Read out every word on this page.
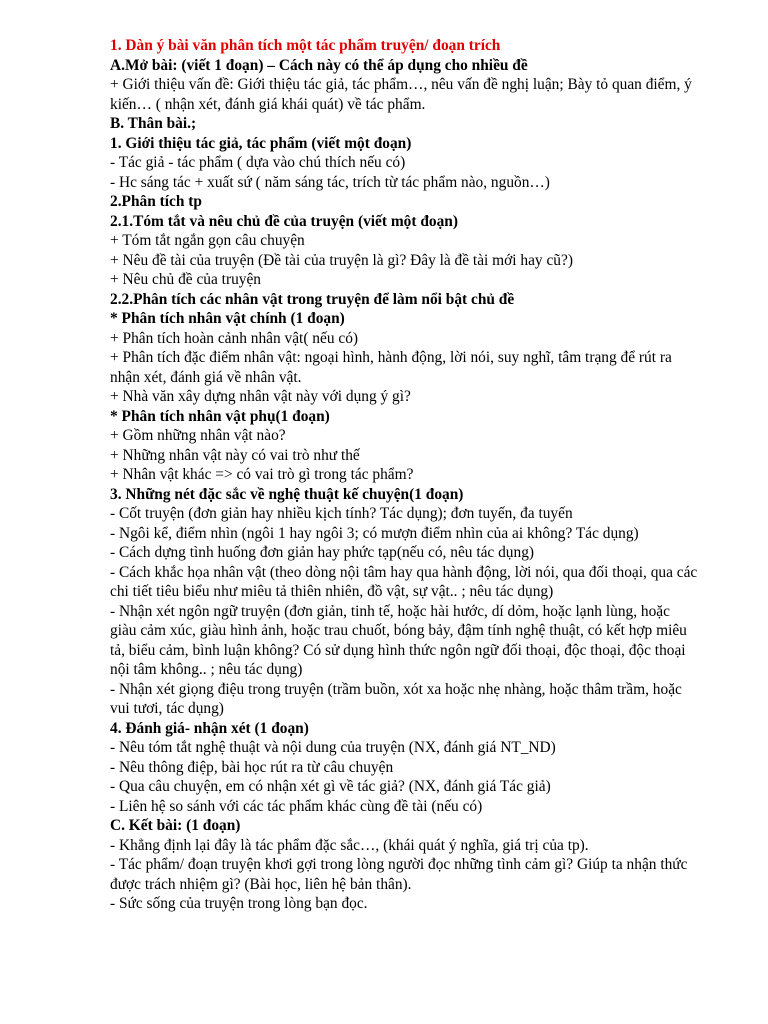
1. Dàn ý bài văn phân tích một tác phẩm truyện/ đoạn trích

A.Mở bài: (viết 1 đoạn) – Cách này có thể áp dụng cho nhiều đề

+ Giới thiệu vấn đề: Giới thiệu tác giả, tác phẩm…, nêu vấn đề nghị luận; Bày tỏ quan điểm, ý kiến… ( nhận xét, đánh giá khái quát) về tác phẩm.

B. Thân bài.;

1. Giới thiệu tác giả, tác phẩm (viết một đoạn)

- Tác giả - tác phẩm ( dựa vào chú thích nếu có)

- Hc sáng tác + xuất sứ ( năm sáng tác, trích từ tác phẩm nào, nguồn…)

2.Phân tích tp

2.1.Tóm tắt và nêu chủ đề của truyện (viết một đoạn)

+ Tóm tắt ngắn gọn câu chuyện

+ Nêu đề tài của truyện (Đề tài của truyện là gì? Đây là đề tài mới hay cũ?)

+ Nêu chủ đề của truyện

2.2.Phân tích các nhân vật trong truyện để làm nổi bật chủ đề

* Phân tích nhân vật chính (1 đoạn)

+ Phân tích hoàn cảnh nhân vật( nếu có)

+ Phân tích đặc điểm nhân vật: ngoại hình, hành động, lời nói, suy nghĩ, tâm trạng để rút ra nhận xét, đánh giá về nhân vật.

+ Nhà văn xây dựng nhân vật này với dụng ý gì?

* Phân tích nhân vật phụ(1 đoạn)

+ Gồm những nhân vật nào?

+ Những nhân vật này có vai trò như thế

+ Nhân vật khác => có vai trò gì trong tác phẩm?

3. Những nét đặc sắc về nghệ thuật kế chuyện(1 đoạn)

- Cốt truyện (đơn giản hay nhiều kịch tính? Tác dụng); đơn tuyến, đa tuyến

- Ngôi kể, điểm nhìn (ngôi 1 hay ngôi 3; có mượn điểm nhìn của ai không? Tác dụng)

- Cách dựng tình huống đơn giản hay phức tạp(nếu có, nêu tác dụng)

- Cách khắc họa nhân vật (theo dòng nội tâm hay qua hành động, lời nói, qua đối thoại, qua các chi tiết tiêu biểu như miêu tả thiên nhiên, đồ vật, sự vật.. ; nêu tác dụng)

- Nhận xét ngôn ngữ truyện (đơn giản, tinh tế, hoặc hài hước, dí dỏm, hoặc lạnh lùng, hoặc giàu cảm xúc, giàu hình ảnh, hoặc trau chuốt, bóng bảy, đậm tính nghệ thuật, có kết hợp miêu tả, biểu cảm, bình luận không? Có sử dụng hình thức ngôn ngữ đối thoại, độc thoại, độc thoại nội tâm không.. ; nêu tác dụng)

- Nhận xét giọng điệu trong truyện (trầm buồn, xót xa hoặc nhẹ nhàng, hoặc thâm trầm, hoặc vui tươi, tác dụng)

4. Đánh giá- nhận xét (1 đoạn)

- Nêu tóm tắt nghệ thuật và nội dung của truyện (NX, đánh giá NT_ND)

- Nêu thông điệp, bài học rút ra từ câu chuyện

- Qua câu chuyện, em có nhận xét gì về tác giả? (NX, đánh giá Tác giả)

- Liên hệ so sánh với các tác phẩm khác cùng đề tài (nếu có)

C. Kết bài: (1 đoạn)

- Khẳng định lại đây là tác phẩm đặc sắc…, (khái quát ý nghĩa, giá trị của tp).

- Tác phẩm/ đoạn truyện khơi gợi trong lòng người đọc những tình cảm gì? Giúp ta nhận thức được trách nhiệm gì? (Bài học, liên hệ bản thân).

- Sức sống của truyện trong lòng bạn đọc.
